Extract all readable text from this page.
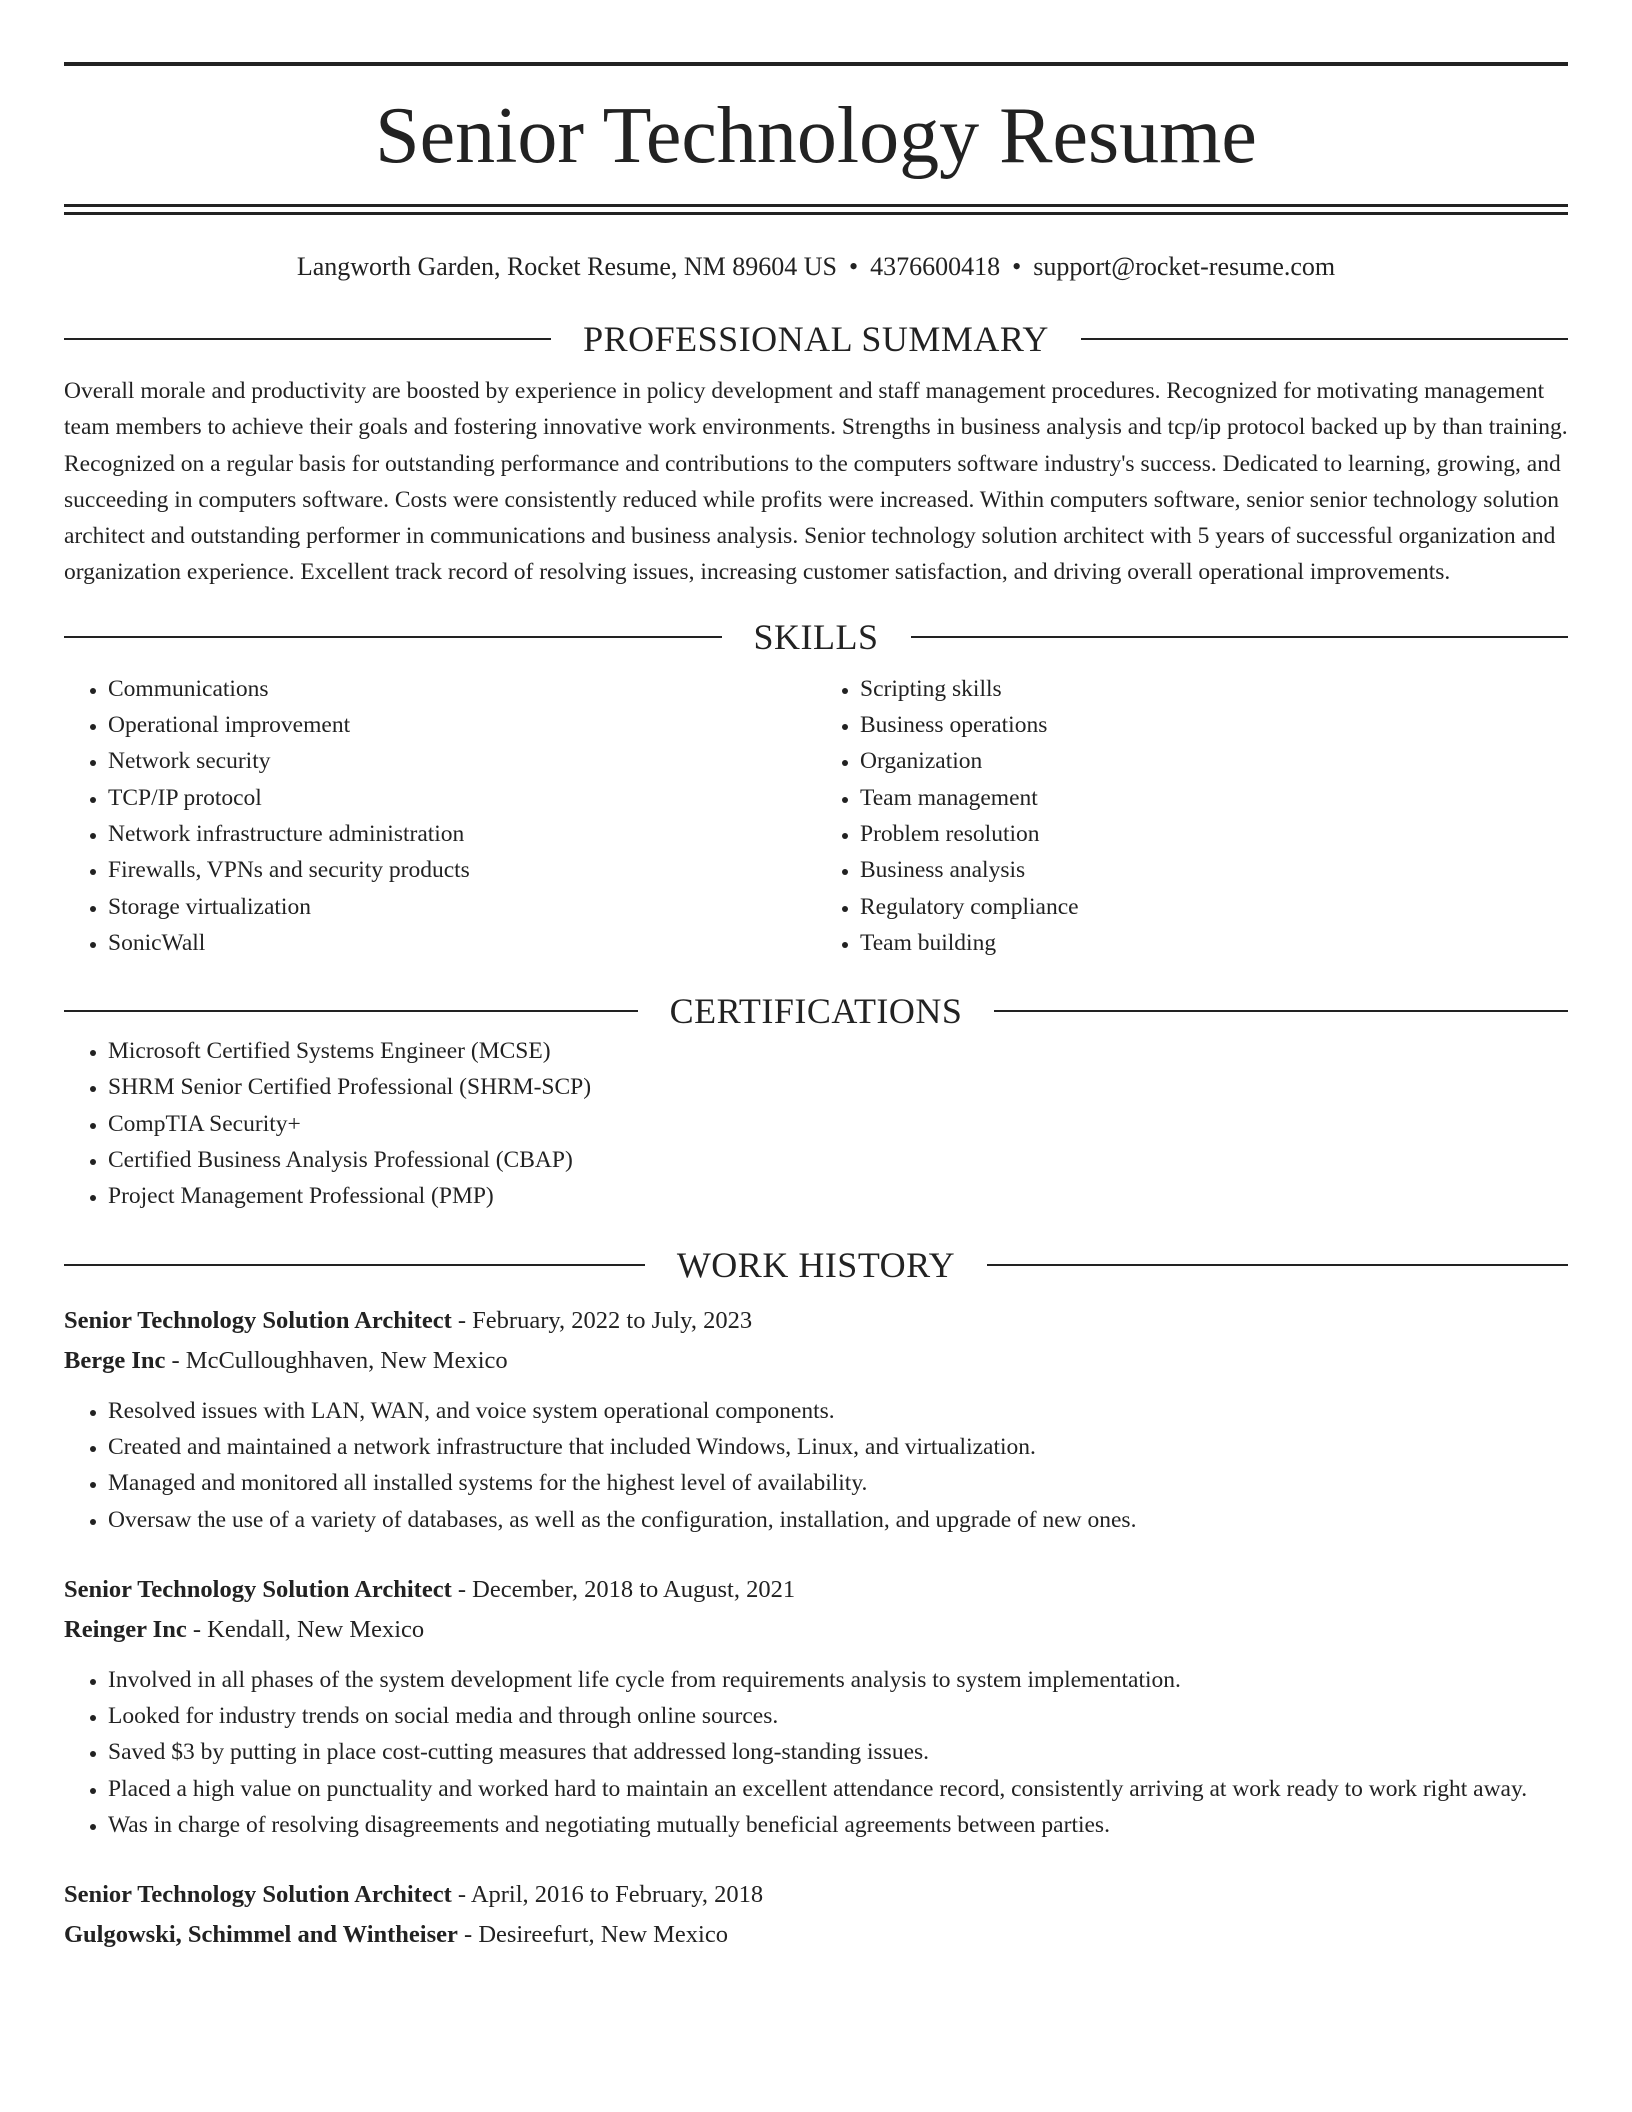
Senior Technology Resume
Langworth Garden, Rocket Resume, NM 89604 US • 4376600418 • support@rocket-resume.com
PROFESSIONAL SUMMARY
Overall morale and productivity are boosted by experience in policy development and staff management procedures. Recognized for motivating management team members to achieve their goals and fostering innovative work environments. Strengths in business analysis and tcp/ip protocol backed up by than training. Recognized on a regular basis for outstanding performance and contributions to the computers software industry's success. Dedicated to learning, growing, and succeeding in computers software. Costs were consistently reduced while profits were increased. Within computers software, senior senior technology solution architect and outstanding performer in communications and business analysis. Senior technology solution architect with 5 years of successful organization and organization experience. Excellent track record of resolving issues, increasing customer satisfaction, and driving overall operational improvements.
SKILLS
• Communications
• Operational improvement
• Network security
• TCP/IP protocol
• Network infrastructure administration
• Firewalls, VPNs and security products
• Storage virtualization
• SonicWall
• Scripting skills
• Business operations
• Organization
• Team management
• Problem resolution
• Business analysis
• Regulatory compliance
• Team building
CERTIFICATIONS
• Microsoft Certified Systems Engineer (MCSE)
• SHRM Senior Certified Professional (SHRM-SCP)
• CompTIA Security+
• Certified Business Analysis Professional (CBAP)
• Project Management Professional (PMP)
WORK HISTORY
Senior Technology Solution Architect - February, 2022 to July, 2023
Berge Inc - McCulloughhaven, New Mexico
• Resolved issues with LAN, WAN, and voice system operational components.
• Created and maintained a network infrastructure that included Windows, Linux, and virtualization.
• Managed and monitored all installed systems for the highest level of availability.
• Oversaw the use of a variety of databases, as well as the configuration, installation, and upgrade of new ones.
Senior Technology Solution Architect - December, 2018 to August, 2021
Reinger Inc - Kendall, New Mexico
• Involved in all phases of the system development life cycle from requirements analysis to system implementation.
• Looked for industry trends on social media and through online sources.
• Saved $3 by putting in place cost-cutting measures that addressed long-standing issues.
• Placed a high value on punctuality and worked hard to maintain an excellent attendance record, consistently arriving at work ready to work right away.
• Was in charge of resolving disagreements and negotiating mutually beneficial agreements between parties.
Senior Technology Solution Architect - April, 2016 to February, 2018
Gulgowski, Schimmel and Wintheiser - Desireefurt, New Mexico
